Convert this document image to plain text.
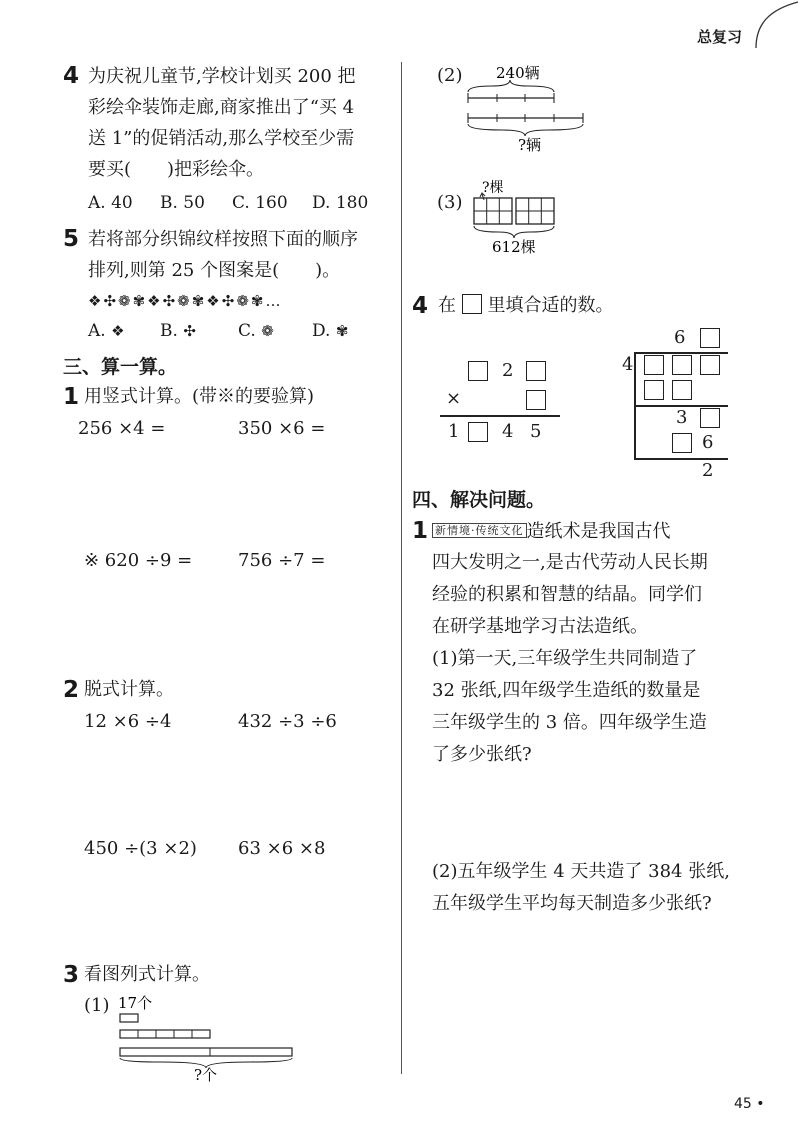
总复习
4 为庆祝儿童节,学校计划买 200 把
彩绘伞装饰走廊,商家推出了“买 4
送 1”的促销活动,那么学校至少需
要买(　　)把彩绘伞。
A. 40 B. 50 C. 160 D. 180
5 若将部分织锦纹样按照下面的顺序
排列,则第 25 个图案是(　　)。
❖✣❁✾❖✣❁✾❖✣❁✾…
A. ❖ B. ✣ C. ❁ D. ✾
三、算一算。
1 用竖式计算。(带※的要验算)
256 ×4 =	350 ×6 =
※ 620 ÷9 =	756 ÷7 =
2 脱式计算。
12 ×6 ÷4	432 ÷3 ÷6
450 ÷(3 ×2) 63 ×6 ×8
3 看图列式计算。
(1) 17个
?个
(2) 240辆
?辆
(3)
?棵
612棵
4 在 里填合适的数。
2
×
1 4 5
6
4
3
6
2
四、解决问题。
1 新情境·传统文化 造纸术是我国古代
四大发明之一,是古代劳动人民长期
经验的积累和智慧的结晶。同学们
在研学基地学习古法造纸。
(1)第一天,三年级学生共同制造了
32 张纸,四年级学生造纸的数量是
三年级学生的 3 倍。四年级学生造
了多少张纸?
(2)五年级学生 4 天共造了 384 张纸,
五年级学生平均每天制造多少张纸?
45 •
